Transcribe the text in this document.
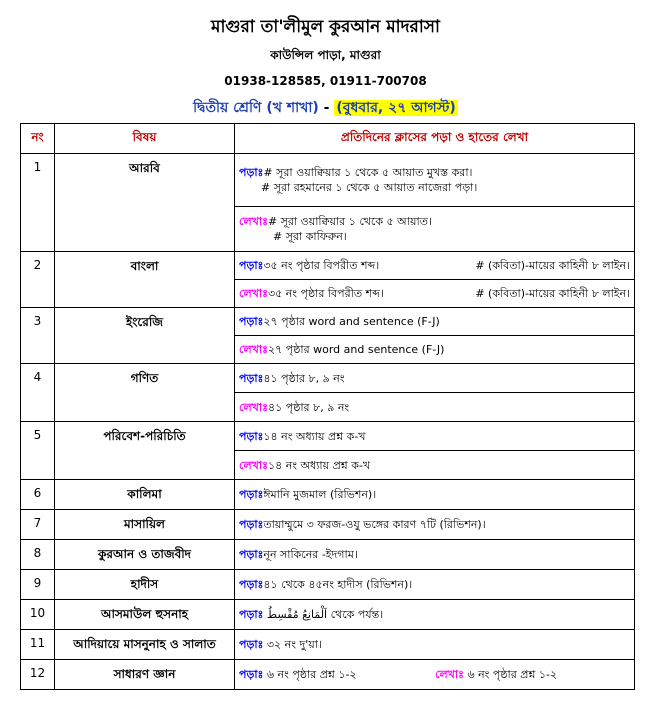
মাগুরা তা'লীমুল কুরআন মাদরাসা
কাউন্সিল পাড়া, মাগুরা
01938-128585, 01911-700708
দ্বিতীয় শ্রেণি (খ শাখা) - (বুধবার, ২৭ আগস্ট)
নং	বিষয়	প্রতিদিনের ক্লাসের পড়া ও হাতের লেখা
1	আরবি	পড়াঃ# সূরা ওয়াক্বিয়ার ১ থেকে ৫ আয়াত মুখস্ত করা।
# সূরা রহমানের ১ থেকে ৫ আয়াত নাজেরা পড়া।

		লেখাঃ# সূরা ওয়াক্বিয়ার ১ থেকে ৫ আয়াত।
# সূরা কাফিরুন।

2	বাংলা	পড়াঃ৩৫ নং পৃষ্ঠার বিপরীত শব্দ। # (কবিতা)-মায়ের কাহিনী ৮ লাইন।

		লেখাঃ৩৫ নং পৃষ্ঠার বিপরীত শব্দ। # (কবিতা)-মায়ের কাহিনী ৮ লাইন।

3	ইংরেজি	পড়াঃ২৭ পৃষ্ঠার word and sentence (F-J)
		লেখাঃ২৭ পৃষ্ঠার word and sentence (F-J)
4	গণিত	পড়াঃ৪১ পৃষ্ঠার ৮, ৯ নং
		লেখাঃ৪১ পৃষ্ঠার ৮, ৯ নং
5	পরিবেশ-পরিচিতি	পড়াঃ১৪ নং অধ্যায় প্রশ্ন ক-খ
		লেখাঃ১৪ নং অধ্যায় প্রশ্ন ক-খ
6	কালিমা	পড়াঃঈমানি মুজমাল (রিভিশন)।
7	মাসায়িল	পড়াঃতায়াম্মুমে ৩ ফরজ-ওযু ভঙ্গের কারণ ৭টি (রিভিশন)।
8	কুরআন ও তাজবীদ	পড়াঃনূন সাকিনের -ইদগাম।
9	হাদীস	পড়াঃ৪১ থেকে ৪৫নং হাদীস (রিভিশন)।
10	আসমাউল হুসনাহ	পড়াঃ اَلْمَانِعُ مُقْسِطُ থেকে পর্যন্ত।
11	আদিয়ায়ে মাসনুনাহ ও সালাত	পড়াঃ ৩২ নং দু'য়া।
12	সাধারণ জ্ঞান	পড়াঃ ৬ নং পৃষ্ঠার প্রশ্ন ১-২ লেখাঃ ৬ নং পৃষ্ঠার প্রশ্ন ১-২
